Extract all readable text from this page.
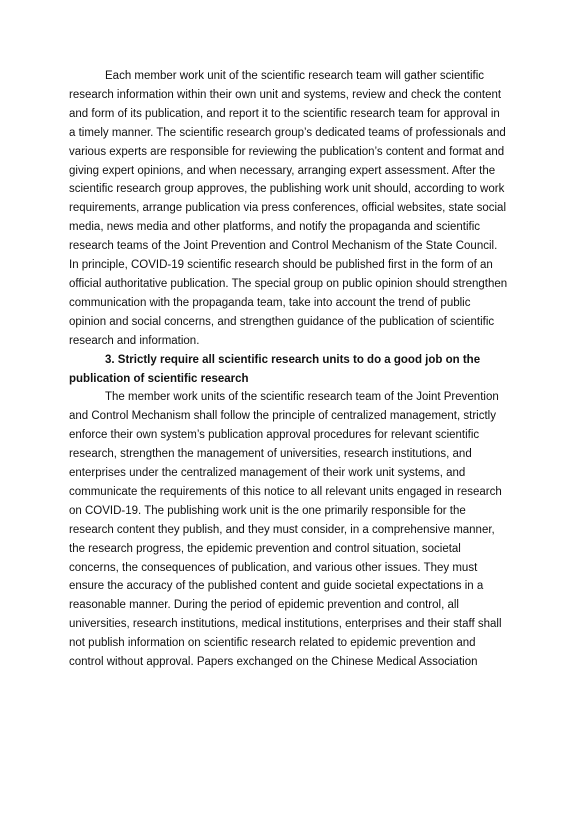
Each member work unit of the scientific research team will gather scientific research information within their own unit and systems, review and check the content and form of its publication, and report it to the scientific research team for approval in a timely manner. The scientific research group’s dedicated teams of professionals and various experts are responsible for reviewing the publication’s content and format and giving expert opinions, and when necessary, arranging expert assessment. After the scientific research group approves, the publishing work unit should, according to work requirements, arrange publication via press conferences, official websites, state social media, news media and other platforms, and notify the propaganda and scientific research teams of the Joint Prevention and Control Mechanism of the State Council. In principle, COVID-19 scientific research should be published first in the form of an official authoritative publication. The special group on public opinion should strengthen communication with the propaganda team, take into account the trend of public opinion and social concerns, and strengthen guidance of the publication of scientific research and information.

3. Strictly require all scientific research units to do a good job on the publication of scientific research

The member work units of the scientific research team of the Joint Prevention and Control Mechanism shall follow the principle of centralized management, strictly enforce their own system’s publication approval procedures for relevant scientific research, strengthen the management of universities, research institutions, and enterprises under the centralized management of their work unit systems, and communicate the requirements of this notice to all relevant units engaged in research on COVID-19. The publishing work unit is the one primarily responsible for the research content they publish, and they must consider, in a comprehensive manner, the research progress, the epidemic prevention and control situation, societal concerns, the consequences of publication, and various other issues. They must ensure the accuracy of the published content and guide societal expectations in a reasonable manner. During the period of epidemic prevention and control, all universities, research institutions, medical institutions, enterprises and their staff shall not publish information on scientific research related to epidemic prevention and control without approval. Papers exchanged on the Chinese Medical Association
